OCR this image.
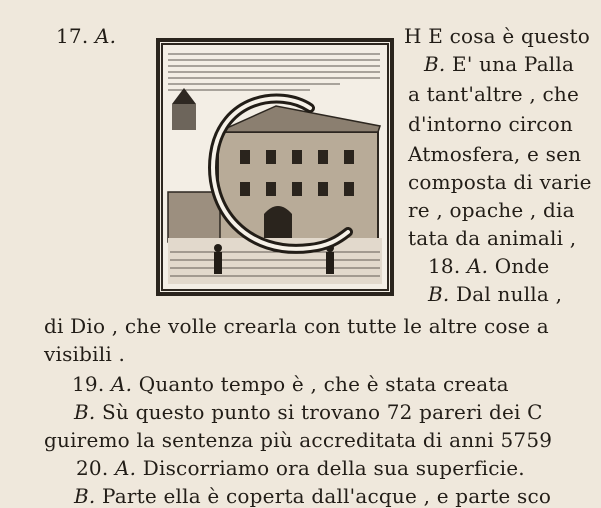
17. A.	H E cosa è questo
B. E' una Palla
a tant'altre , che
d'intorno circon
Atmosfera, e sen
composta di varie
re , opache , dia
tata da animali ,
18. A. Onde
B. Dal nulla ,
di Dio , che volle crearla con tutte le altre cose a
visibili .
19. A. Quanto tempo è , che è stata creata
B. Sù questo punto si trovano 72 pareri dei C
guiremo la sentenza più accreditata di anni 5759
20. A. Discorriamo ora della sua superficie.
B. Parte ella è coperta dall'acque , e parte sco
